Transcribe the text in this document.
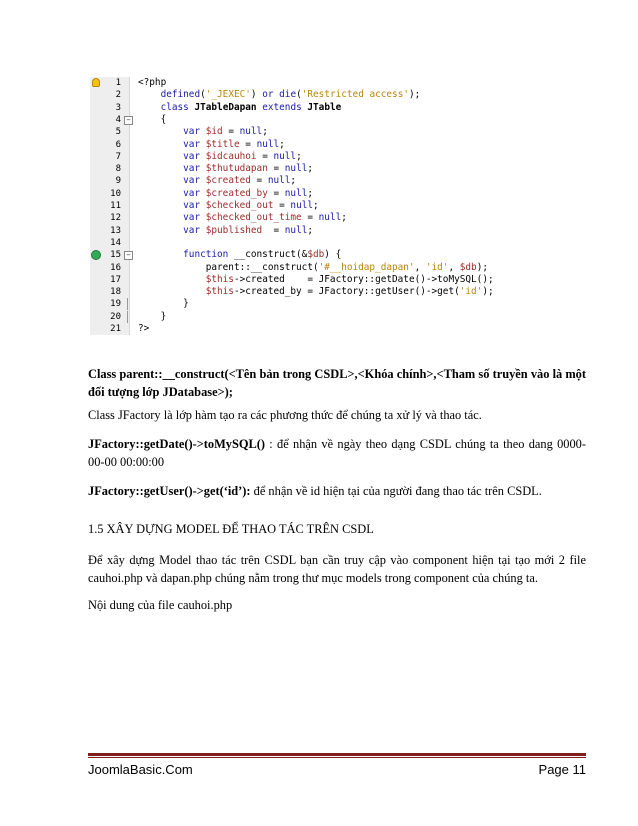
1 <?php
2	defined('_JEXEC') or die('Restricted access');
3	class JTableDapan extends JTable
4 − {
5	var $id = null;
6	var $title = null;
7	var $idcauhoi = null;
8	var $thutudapan = null;
9	var $created = null;
10	var $created_by = null;
11	var $checked_out = null;
12	var $checked_out_time = null;
13	var $published  = null;
14
15 −	function __construct(&$db) {
16 parent::__construct('#__hoidap_dapan', 'id', $db);
17	$this->created    = JFactory::getDate()->toMySQL();
18	$this->created_by = JFactory::getUser()->get('id');
19 }
20 }
21 ?>
Class parent::__construct(<Tên bản trong CSDL>,<Khóa chính>,<Tham số truyền vào là một đối tượng lớp JDatabase>);
Class JFactory là lớp hàm tạo ra các phương thức để chúng ta xử lý và thao tác.
JFactory::getDate()->toMySQL() : để nhận về ngày theo dạng CSDL chúng ta theo dang 0000-00-00 00:00:00
JFactory::getUser()->get(‘id’): để nhận về id hiện tại của người đang thao tác trên CSDL.
1.5 XÂY DỰNG MODEL ĐỂ THAO TÁC TRÊN CSDL
Để xây dựng Model thao tác trên CSDL bạn cần truy cập vào component hiện tại tạo mới 2 file cauhoi.php và dapan.php chúng nằm trong thư mục models trong component của chúng ta.
Nội dung của file cauhoi.php
JoomlaBasic.Com	Page 11
